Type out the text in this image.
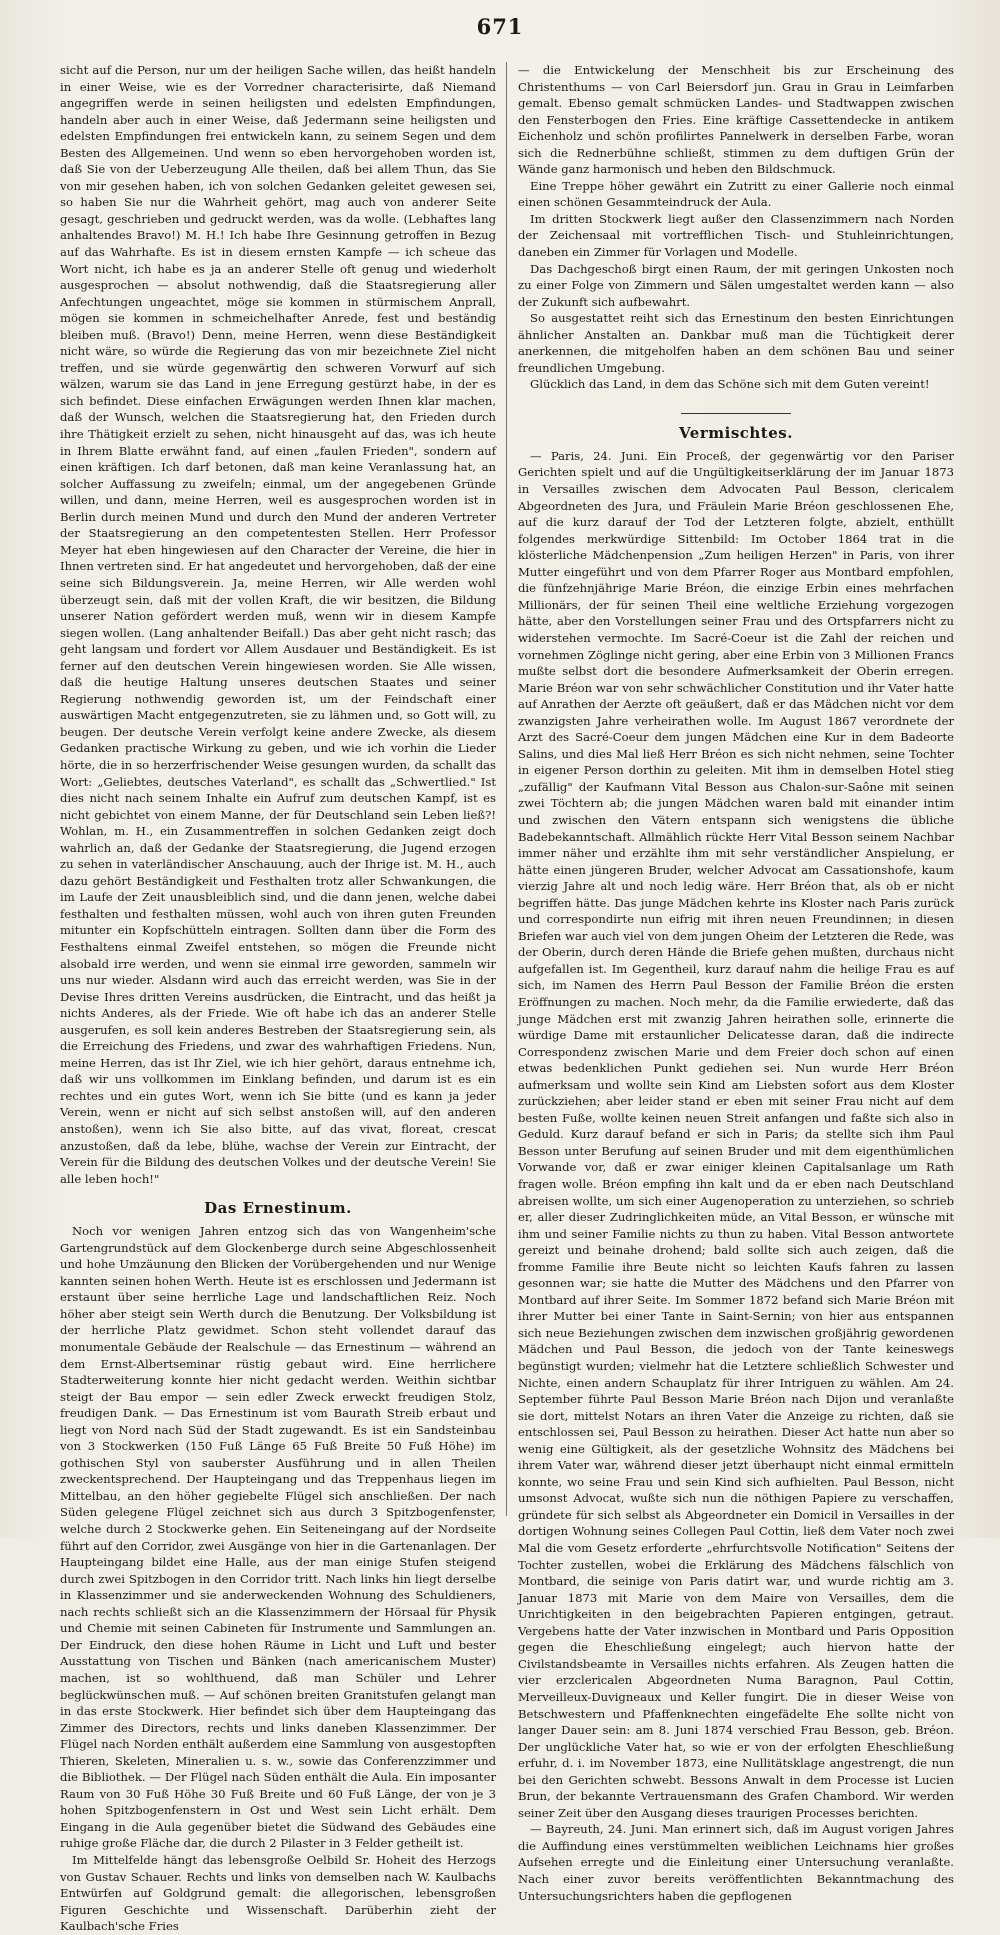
671

sicht auf die Person, nur um der heiligen Sache willen, das heißt handeln in einer Weise, wie es der Vorredner characterisirte, daß Niemand angegriffen werde in seinen heiligsten und edelsten Empfindungen, handeln aber auch in einer Weise, daß Jedermann seine heiligsten und edelsten Empfindungen frei entwickeln kann, zu seinem Segen und dem Besten des Allgemeinen. Und wenn so eben hervorgehoben worden ist, daß Sie von der Ueberzeugung Alle theilen, daß bei allem Thun, das Sie von mir gesehen haben, ich von solchen Gedanken geleitet gewesen sei, so haben Sie nur die Wahrheit gehört, mag auch von anderer Seite gesagt, geschrieben und gedruckt werden, was da wolle. (Lebhaftes lang anhaltendes Bravo!) M. H.! Ich habe Ihre Gesinnung getroffen in Bezug auf das Wahrhafte. Es ist in diesem ernsten Kampfe — ich scheue das Wort nicht, ich habe es ja an anderer Stelle oft genug und wiederholt ausgesprochen — absolut nothwendig, daß die Staatsregierung aller Anfechtungen ungeachtet, möge sie kommen in stürmischem Anprall, mögen sie kommen in schmeichelhafter Anrede, fest und beständig bleiben muß. (Bravo!) Denn, meine Herren, wenn diese Beständigkeit nicht wäre, so würde die Regierung das von mir bezeichnete Ziel nicht treffen, und sie würde gegenwärtig den schweren Vorwurf auf sich wälzen, warum sie das Land in jene Erregung gestürzt habe, in der es sich befindet. Diese einfachen Erwägungen werden Ihnen klar machen, daß der Wunsch, welchen die Staatsregierung hat, den Frieden durch ihre Thätigkeit erzielt zu sehen, nicht hinausgeht auf das, was ich heute in Ihrem Blatte erwähnt fand, auf einen „faulen Frieden", sondern auf einen kräftigen. Ich darf betonen, daß man keine Veranlassung hat, an solcher Auffassung zu zweifeln; einmal, um der angegebenen Gründe willen, und dann, meine Herren, weil es ausgesprochen worden ist in Berlin durch meinen Mund und durch den Mund der anderen Vertreter der Staatsregierung an den competentesten Stellen. Herr Professor Meyer hat eben hingewiesen auf den Character der Vereine, die hier in Ihnen vertreten sind. Er hat angedeutet und hervorgehoben, daß der eine seine sich Bildungsverein. Ja, meine Herren, wir Alle werden wohl überzeugt sein, daß mit der vollen Kraft, die wir besitzen, die Bildung unserer Nation gefördert werden muß, wenn wir in diesem Kampfe siegen wollen. (Lang anhaltender Beifall.) Das aber geht nicht rasch; das geht langsam und fordert vor Allem Ausdauer und Beständigkeit. Es ist ferner auf den deutschen Verein hingewiesen worden. Sie Alle wissen, daß die heutige Haltung unseres deutschen Staates und seiner Regierung nothwendig geworden ist, um der Feindschaft einer auswärtigen Macht entgegenzutreten, sie zu lähmen und, so Gott will, zu beugen. Der deutsche Verein verfolgt keine andere Zwecke, als diesem Gedanken practische Wirkung zu geben, und wie ich vorhin die Lieder hörte, die in so herzerfrischender Weise gesungen wurden, da schallt das Wort: „Geliebtes, deutsches Vaterland", es schallt das „Schwertlied." Ist dies nicht nach seinem Inhalte ein Aufruf zum deutschen Kampf, ist es nicht gebichtet von einem Manne, der für Deutschland sein Leben ließ?! Wohlan, m. H., ein Zusammentreffen in solchen Gedanken zeigt doch wahrlich an, daß der Gedanke der Staatsregierung, die Jugend erzogen zu sehen in vaterländischer Anschauung, auch der Ihrige ist. M. H., auch dazu gehört Beständigkeit und Festhalten trotz aller Schwankungen, die im Laufe der Zeit unausbleiblich sind, und die dann jenen, welche dabei festhalten und festhalten müssen, wohl auch von ihren guten Freunden mitunter ein Kopfschütteln eintragen. Sollten dann über die Form des Festhaltens einmal Zweifel entstehen, so mögen die Freunde nicht alsobald irre werden, und wenn sie einmal irre geworden, sammeln wir uns nur wieder. Alsdann wird auch das erreicht werden, was Sie in der Devise Ihres dritten Vereins ausdrücken, die Eintracht, und das heißt ja nichts Anderes, als der Friede. Wie oft habe ich das an anderer Stelle ausgerufen, es soll kein anderes Bestreben der Staatsregierung sein, als die Erreichung des Friedens, und zwar des wahrhaftigen Friedens. Nun, meine Herren, das ist Ihr Ziel, wie ich hier gehört, daraus entnehme ich, daß wir uns vollkommen im Einklang befinden, und darum ist es ein rechtes und ein gutes Wort, wenn ich Sie bitte (und es kann ja jeder Verein, wenn er nicht auf sich selbst anstoßen will, auf den anderen anstoßen), wenn ich Sie also bitte, auf das vivat, floreat, crescat anzustoßen, daß da lebe, blühe, wachse der Verein zur Eintracht, der Verein für die Bildung des deutschen Volkes und der deutsche Verein! Sie alle leben hoch!"

Das Ernestinum.

Noch vor wenigen Jahren entzog sich das von Wangenheim'sche Gartengrundstück auf dem Glockenberge durch seine Abgeschlossenheit und hohe Umzäunung den Blicken der Vorübergehenden und nur Wenige kannten seinen hohen Werth. Heute ist es erschlossen und Jedermann ist erstaunt über seine herrliche Lage und landschaftlichen Reiz. Noch höher aber steigt sein Werth durch die Benutzung. Der Volksbildung ist der herrliche Platz gewidmet. Schon steht vollendet darauf das monumentale Gebäude der Realschule — das Ernestinum — während an dem Ernst-Albertseminar rüstig gebaut wird. Eine herrlichere Stadterweiterung konnte hier nicht gedacht werden. Weithin sichtbar steigt der Bau empor — sein edler Zweck erweckt freudigen Stolz, freudigen Dank. — Das Ernestinum ist vom Baurath Streib erbaut und liegt von Nord nach Süd der Stadt zugewandt. Es ist ein Sandsteinbau von 3 Stockwerken (150 Fuß Länge 65 Fuß Breite 50 Fuß Höhe) im gothischen Styl von sauberster Ausführung und in allen Theilen zweckentsprechend. Der Haupteingang und das Treppenhaus liegen im Mittelbau, an den höher gegiebelte Flügel sich anschließen. Der nach Süden gelegene Flügel zeichnet sich aus durch 3 Spitzbogenfenster, welche durch 2 Stockwerke gehen. Ein Seiteneingang auf der Nordseite führt auf den Corridor, zwei Ausgänge von hier in die Gartenanlagen. Der Haupteingang bildet eine Halle, aus der man einige Stufen steigend durch zwei Spitzbogen in den Corridor tritt. Nach links hin liegt derselbe in Klassenzimmer und sie anderweckenden Wohnung des Schuldieners, nach rechts schließt sich an die Klassenzimmern der Hörsaal für Physik und Chemie mit seinen Cabineten für Instrumente und Sammlungen an. Der Eindruck, den diese hohen Räume in Licht und Luft und bester Ausstattung von Tischen und Bänken (nach americanischem Muster) machen, ist so wohlthuend, daß man Schüler und Lehrer beglückwünschen muß. — Auf schönen breiten Granitstufen gelangt man in das erste Stockwerk. Hier befindet sich über dem Haupteingang das Zimmer des Directors, rechts und links daneben Klassenzimmer. Der Flügel nach Norden enthält außerdem eine Sammlung von ausgestopften Thieren, Skeleten, Mineralien u. s. w., sowie das Conferenzzimmer und die Bibliothek. — Der Flügel nach Süden enthält die Aula. Ein imposanter Raum von 30 Fuß Höhe 30 Fuß Breite und 60 Fuß Länge, der von je 3 hohen Spitzbogenfenstern in Ost und West sein Licht erhält. Dem Eingang in die Aula gegenüber bietet die Südwand des Gebäudes eine ruhige große Fläche dar, die durch 2 Pilaster in 3 Felder getheilt ist.

Im Mittelfelde hängt das lebensgroße Oelbild Sr. Hoheit des Herzogs von Gustav Schauer. Rechts und links von demselben nach W. Kaulbachs Entwürfen auf Goldgrund gemalt: die allegorischen, lebensgroßen Figuren Geschichte und Wissenschaft. Darüberhin zieht der Kaulbach'sche Fries

— die Entwickelung der Menschheit bis zur Erscheinung des Christenthums — von Carl Beiersdorf jun. Grau in Grau in Leimfarben gemalt. Ebenso gemalt schmücken Landes- und Stadtwappen zwischen den Fensterbogen den Fries. Eine kräftige Cassettendecke in antikem Eichenholz und schön profilirtes Pannelwerk in derselben Farbe, woran sich die Rednerbühne schließt, stimmen zu dem duftigen Grün der Wände ganz harmonisch und heben den Bildschmuck.

Eine Treppe höher gewährt ein Zutritt zu einer Gallerie noch einmal einen schönen Gesammteindruck der Aula.

Im dritten Stockwerk liegt außer den Classenzimmern nach Norden der Zeichensaal mit vortrefflichen Tisch- und Stuhleinrichtungen, daneben ein Zimmer für Vorlagen und Modelle.

Das Dachgeschoß birgt einen Raum, der mit geringen Unkosten noch zu einer Folge von Zimmern und Sälen umgestaltet werden kann — also der Zukunft sich aufbewahrt.

So ausgestattet reiht sich das Ernestinum den besten Einrichtungen ähnlicher Anstalten an. Dankbar muß man die Tüchtigkeit derer anerkennen, die mitgeholfen haben an dem schönen Bau und seiner freundlichen Umgebung.

Glücklich das Land, in dem das Schöne sich mit dem Guten vereint!

Vermischtes.

— Paris, 24. Juni. Ein Proceß, der gegenwärtig vor den Pariser Gerichten spielt und auf die Ungültigkeitserklärung der im Januar 1873 in Versailles zwischen dem Advocaten Paul Besson, clericalem Abgeordneten des Jura, und Fräulein Marie Bréon geschlossenen Ehe, auf die kurz darauf der Tod der Letzteren folgte, abzielt, enthüllt folgendes merkwürdige Sittenbild: Im October 1864 trat in die klösterliche Mädchenpension „Zum heiligen Herzen" in Paris, von ihrer Mutter eingeführt und von dem Pfarrer Roger aus Montbard empfohlen, die fünfzehnjährige Marie Bréon, die einzige Erbin eines mehrfachen Millionärs, der für seinen Theil eine weltliche Erziehung vorgezogen hätte, aber den Vorstellungen seiner Frau und des Ortspfarrers nicht zu widerstehen vermochte. Im Sacré-Coeur ist die Zahl der reichen und vornehmen Zöglinge nicht gering, aber eine Erbin von 3 Millionen Francs mußte selbst dort die besondere Aufmerksamkeit der Oberin erregen. Marie Bréon war von sehr schwächlicher Constitution und ihr Vater hatte auf Anrathen der Aerzte oft geäußert, daß er das Mädchen nicht vor dem zwanzigsten Jahre verheirathen wolle. Im August 1867 verordnete der Arzt des Sacré-Coeur dem jungen Mädchen eine Kur in dem Badeorte Salins, und dies Mal ließ Herr Bréon es sich nicht nehmen, seine Tochter in eigener Person dorthin zu geleiten. Mit ihm in demselben Hotel stieg „zufällig" der Kaufmann Vital Besson aus Chalon-sur-Saône mit seinen zwei Töchtern ab; die jungen Mädchen waren bald mit einander intim und zwischen den Vätern entspann sich wenigstens die übliche Badebekanntschaft. Allmählich rückte Herr Vital Besson seinem Nachbar immer näher und erzählte ihm mit sehr verständlicher Anspielung, er hätte einen jüngeren Bruder, welcher Advocat am Cassationshofe, kaum vierzig Jahre alt und noch ledig wäre. Herr Bréon that, als ob er nicht begriffen hätte. Das junge Mädchen kehrte ins Kloster nach Paris zurück und correspondirte nun eifrig mit ihren neuen Freundinnen; in diesen Briefen war auch viel von dem jungen Oheim der Letzteren die Rede, was der Oberin, durch deren Hände die Briefe gehen mußten, durchaus nicht aufgefallen ist. Im Gegentheil, kurz darauf nahm die heilige Frau es auf sich, im Namen des Herrn Paul Besson der Familie Bréon die ersten Eröffnungen zu machen. Noch mehr, da die Familie erwiederte, daß das junge Mädchen erst mit zwanzig Jahren heirathen solle, erinnerte die würdige Dame mit erstaunlicher Delicatesse daran, daß die indirecte Correspondenz zwischen Marie und dem Freier doch schon auf einen etwas bedenklichen Punkt gediehen sei. Nun wurde Herr Bréon aufmerksam und wollte sein Kind am Liebsten sofort aus dem Kloster zurückziehen; aber leider stand er eben mit seiner Frau nicht auf dem besten Fuße, wollte keinen neuen Streit anfangen und faßte sich also in Geduld. Kurz darauf befand er sich in Paris; da stellte sich ihm Paul Besson unter Berufung auf seinen Bruder und mit dem eigenthümlichen Vorwande vor, daß er zwar einiger kleinen Capitalsanlage um Rath fragen wolle. Bréon empfing ihn kalt und da er eben nach Deutschland abreisen wollte, um sich einer Augenoperation zu unterziehen, so schrieb er, aller dieser Zudringlichkeiten müde, an Vital Besson, er wünsche mit ihm und seiner Familie nichts zu thun zu haben. Vital Besson antwortete gereizt und beinahe drohend; bald sollte sich auch zeigen, daß die fromme Familie ihre Beute nicht so leichten Kaufs fahren zu lassen gesonnen war; sie hatte die Mutter des Mädchens und den Pfarrer von Montbard auf ihrer Seite. Im Sommer 1872 befand sich Marie Bréon mit ihrer Mutter bei einer Tante in Saint-Sernin; von hier aus entspannen sich neue Beziehungen zwischen dem inzwischen großjährig gewordenen Mädchen und Paul Besson, die jedoch von der Tante keineswegs begünstigt wurden; vielmehr hat die Letztere schließlich Schwester und Nichte, einen andern Schauplatz für ihrer Intriguen zu wählen. Am 24. September führte Paul Besson Marie Bréon nach Dijon und veranlaßte sie dort, mittelst Notars an ihren Vater die Anzeige zu richten, daß sie entschlossen sei, Paul Besson zu heirathen. Dieser Act hatte nun aber so wenig eine Gültigkeit, als der gesetzliche Wohnsitz des Mädchens bei ihrem Vater war, während dieser jetzt überhaupt nicht einmal ermitteln konnte, wo seine Frau und sein Kind sich aufhielten. Paul Besson, nicht umsonst Advocat, wußte sich nun die nöthigen Papiere zu verschaffen, gründete für sich selbst als Abgeordneter ein Domicil in Versailles in der dortigen Wohnung seines Collegen Paul Cottin, ließ dem Vater noch zwei Mal die vom Gesetz erforderte „ehrfurchtsvolle Notification" Seitens der Tochter zustellen, wobei die Erklärung des Mädchens fälschlich von Montbard, die seinige von Paris datirt war, und wurde richtig am 3. Januar 1873 mit Marie von dem Maire von Versailles, dem die Unrichtigkeiten in den beigebrachten Papieren entgingen, getraut. Vergebens hatte der Vater inzwischen in Montbard und Paris Opposition gegen die Eheschließung eingelegt; auch hiervon hatte der Civilstandsbeamte in Versailles nichts erfahren. Als Zeugen hatten die vier erzclericalen Abgeordneten Numa Baragnon, Paul Cottin, Merveilleux-Duvigneaux und Keller fungirt. Die in dieser Weise von Betschwestern und Pfaffenknechten eingefädelte Ehe sollte nicht von langer Dauer sein: am 8. Juni 1874 verschied Frau Besson, geb. Bréon. Der unglückliche Vater hat, so wie er von der erfolgten Eheschließung erfuhr, d. i. im November 1873, eine Nullitätsklage angestrengt, die nun bei den Gerichten schwebt. Bessons Anwalt in dem Processe ist Lucien Brun, der bekannte Vertrauensmann des Grafen Chambord. Wir werden seiner Zeit über den Ausgang dieses traurigen Processes berichten.

— Bayreuth, 24. Juni. Man erinnert sich, daß im August vorigen Jahres die Auffindung eines verstümmelten weiblichen Leichnams hier großes Aufsehen erregte und die Einleitung einer Untersuchung veranlaßte. Nach einer zuvor bereits veröffentlichten Bekanntmachung des Untersuchungsrichters haben die gepflogenen
